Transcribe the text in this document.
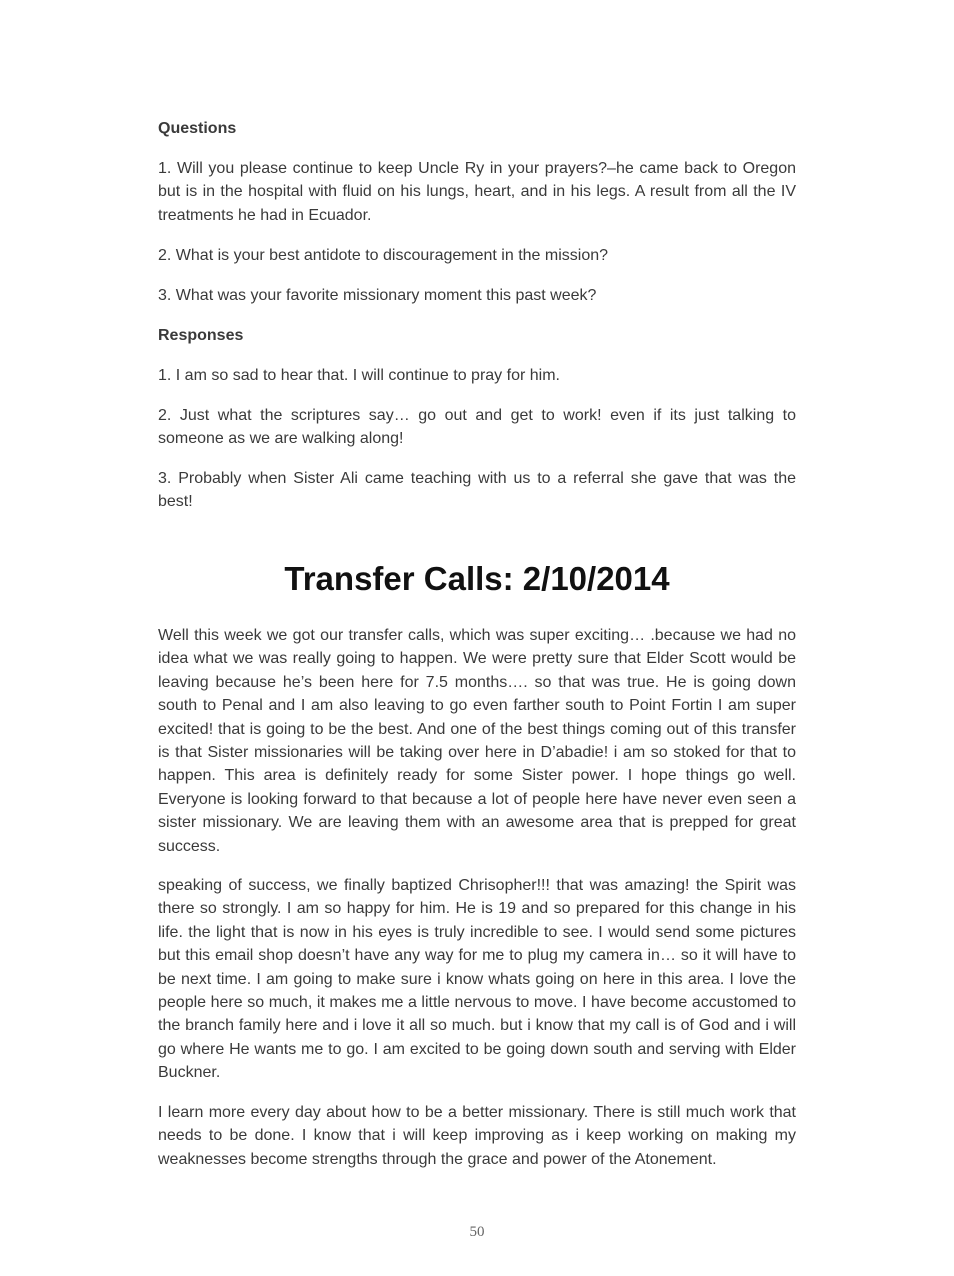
Questions

1. Will you please continue to keep Uncle Ry in your prayers?–he came back to Oregon but is in the hospital with fluid on his lungs, heart, and in his legs. A result from all the IV treatments he had in Ecuador.

2. What is your best antidote to discouragement in the mission?

3. What was your favorite missionary moment this past week?

Responses

1. I am so sad to hear that. I will continue to pray for him.

2. Just what the scriptures say… go out and get to work! even if its just talking to someone as we are walking along!

3. Probably when Sister Ali came teaching with us to a referral she gave that was the best!

Transfer Calls: 2/10/2014

Well this week we got our transfer calls, which was super exciting… .because we had no idea what we was really going to happen. We were pretty sure that Elder Scott would be leaving because he’s been here for 7.5 months…. so that was true. He is going down south to Penal and I am also leaving to go even farther south to Point Fortin I am super excited! that is going to be the best. And one of the best things coming out of this transfer is that Sister missionaries will be taking over here in D’abadie! i am so stoked for that to happen. This area is definitely ready for some Sister power. I hope things go well. Everyone is looking forward to that because a lot of people here have never even seen a sister missionary. We are leaving them with an awesome area that is prepped for great success.

speaking of success, we finally baptized Chrisopher!!! that was amazing! the Spirit was there so strongly. I am so happy for him. He is 19 and so prepared for this change in his life. the light that is now in his eyes is truly incredible to see. I would send some pictures but this email shop doesn’t have any way for me to plug my camera in… so it will have to be next time. I am going to make sure i know whats going on here in this area. I love the people here so much, it makes me a little nervous to move. I have become accustomed to the branch family here and i love it all so much. but i know that my call is of God and i will go where He wants me to go. I am excited to be going down south and serving with Elder Buckner.

I learn more every day about how to be a better missionary. There is still much work that needs to be done. I know that i will keep improving as i keep working on making my weaknesses become strengths through the grace and power of the Atonement.

50
